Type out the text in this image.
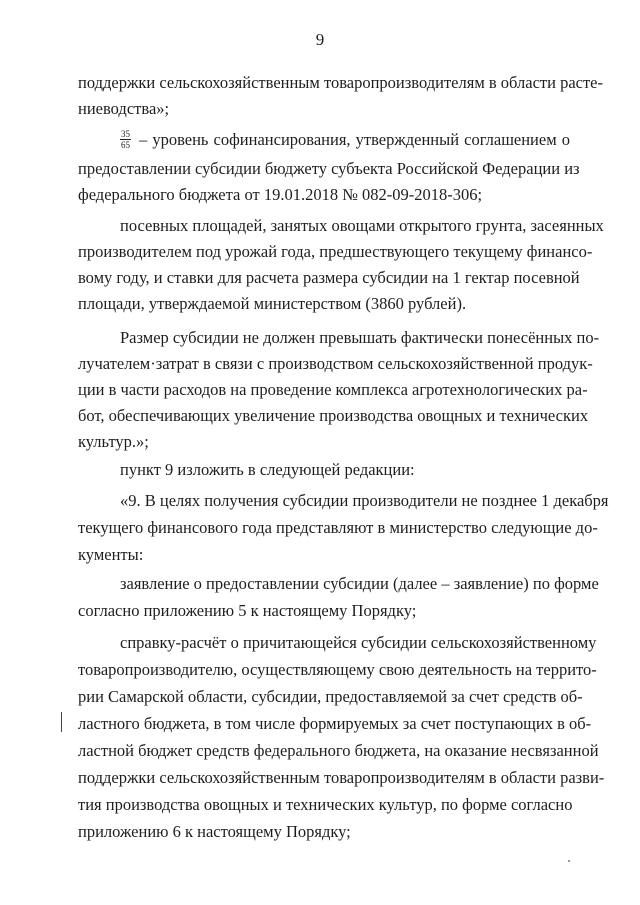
9
поддержки сельскохозяйственным товаропроизводителям в области расте-
ниеводства»;
$\frac{35}{65}$ – уровень софинансирования, утвержденный соглашением о
предоставлении субсидии бюджету субъекта Российской Федерации из
федерального бюджета от 19.01.2018 № 082-09-2018-306;
посевных площадей, занятых овощами открытого грунта, засеянных
производителем под урожай года, предшествующего текущему финансо-
вому году, и ставки для расчета размера субсидии на 1 гектар посевной
площади, утверждаемой министерством (3860 рублей).
Размер субсидии не должен превышать фактически понесённых по-
лучателем·затрат в связи с производством сельскохозяйственной продук-
ции в части расходов на проведение комплекса агротехнологических ра-
бот, обеспечивающих увеличение производства овощных и технических
культур.»;
пункт 9 изложить в следующей редакции:
«9. В целях получения субсидии производители не позднее 1 декабря
текущего финансового года представляют в министерство следующие до-
кументы:
заявление о предоставлении субсидии (далее – заявление) по форме
согласно приложению 5 к настоящему Порядку;
справку-расчёт о причитающейся субсидии сельскохозяйственному
товаропроизводителю, осуществляющему свою деятельность на террито-
рии Самарской области, субсидии, предоставляемой за счет средств об-
ластного бюджета, в том числе формируемых за счет поступающих в об-
ластной бюджет средств федерального бюджета, на оказание несвязанной
поддержки сельскохозяйственным товаропроизводителям в области разви-
тия производства овощных и технических культур, по форме согласно
приложению 6 к настоящему Порядку;
